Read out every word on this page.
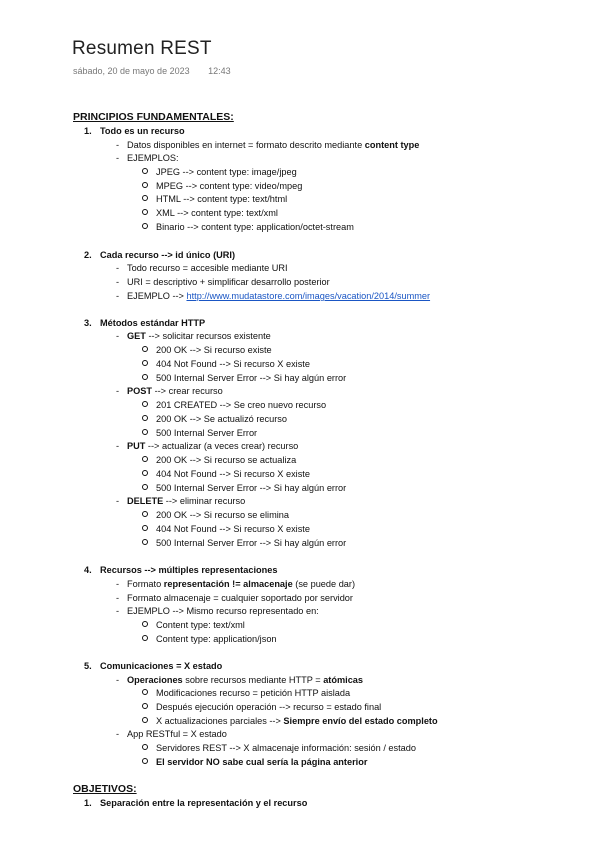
Resumen REST
sábado, 20 de mayo de 2023 12:43
PRINCIPIOS FUNDAMENTALES:
1. Todo es un recurso
- Datos disponibles en internet = formato descrito mediante content type
- EJEMPLOS:
JPEG --> content type: image/jpeg
MPEG --> content type: video/mpeg
HTML --> content type: text/html
XML --> content type: text/xml
Binario --> content type: application/octet-stream
2. Cada recurso --> id único (URI)
- Todo recurso = accesible mediante URI
- URI = descriptivo + simplificar desarrollo posterior
- EJEMPLO --> http://www.mudatastore.com/images/vacation/2014/summer
3. Métodos estándar HTTP
- GET --> solicitar recursos existente
200 OK --> Si recurso existe
404 Not Found --> Si recurso X existe
500 Internal Server Error --> Si hay algún error
- POST --> crear recurso
201 CREATED --> Se creo nuevo recurso
200 OK --> Se actualizó recurso
500 Internal Server Error
- PUT --> actualizar (a veces crear) recurso
200 OK --> Si recurso se actualiza
404 Not Found --> Si recurso X existe
500 Internal Server Error --> Si hay algún error
- DELETE --> eliminar recurso
200 OK --> Si recurso se elimina
404 Not Found --> Si recurso X existe
500 Internal Server Error --> Si hay algún error
4. Recursos --> múltiples representaciones
- Formato representación != almacenaje (se puede dar)
- Formato almacenaje = cualquier soportado por servidor
- EJEMPLO --> Mismo recurso representado en:
Content type: text/xml
Content type: application/json
5. Comunicaciones = X estado
- Operaciones sobre recursos mediante HTTP = atómicas
Modificaciones recurso = petición HTTP aislada
Después ejecución operación --> recurso = estado final
X actualizaciones parciales --> Siempre envío del estado completo
- App RESTful = X estado
Servidores REST --> X almacenaje información: sesión / estado
El servidor NO sabe cual sería la página anterior
OBJETIVOS:
1. Separación entre la representación y el recurso
